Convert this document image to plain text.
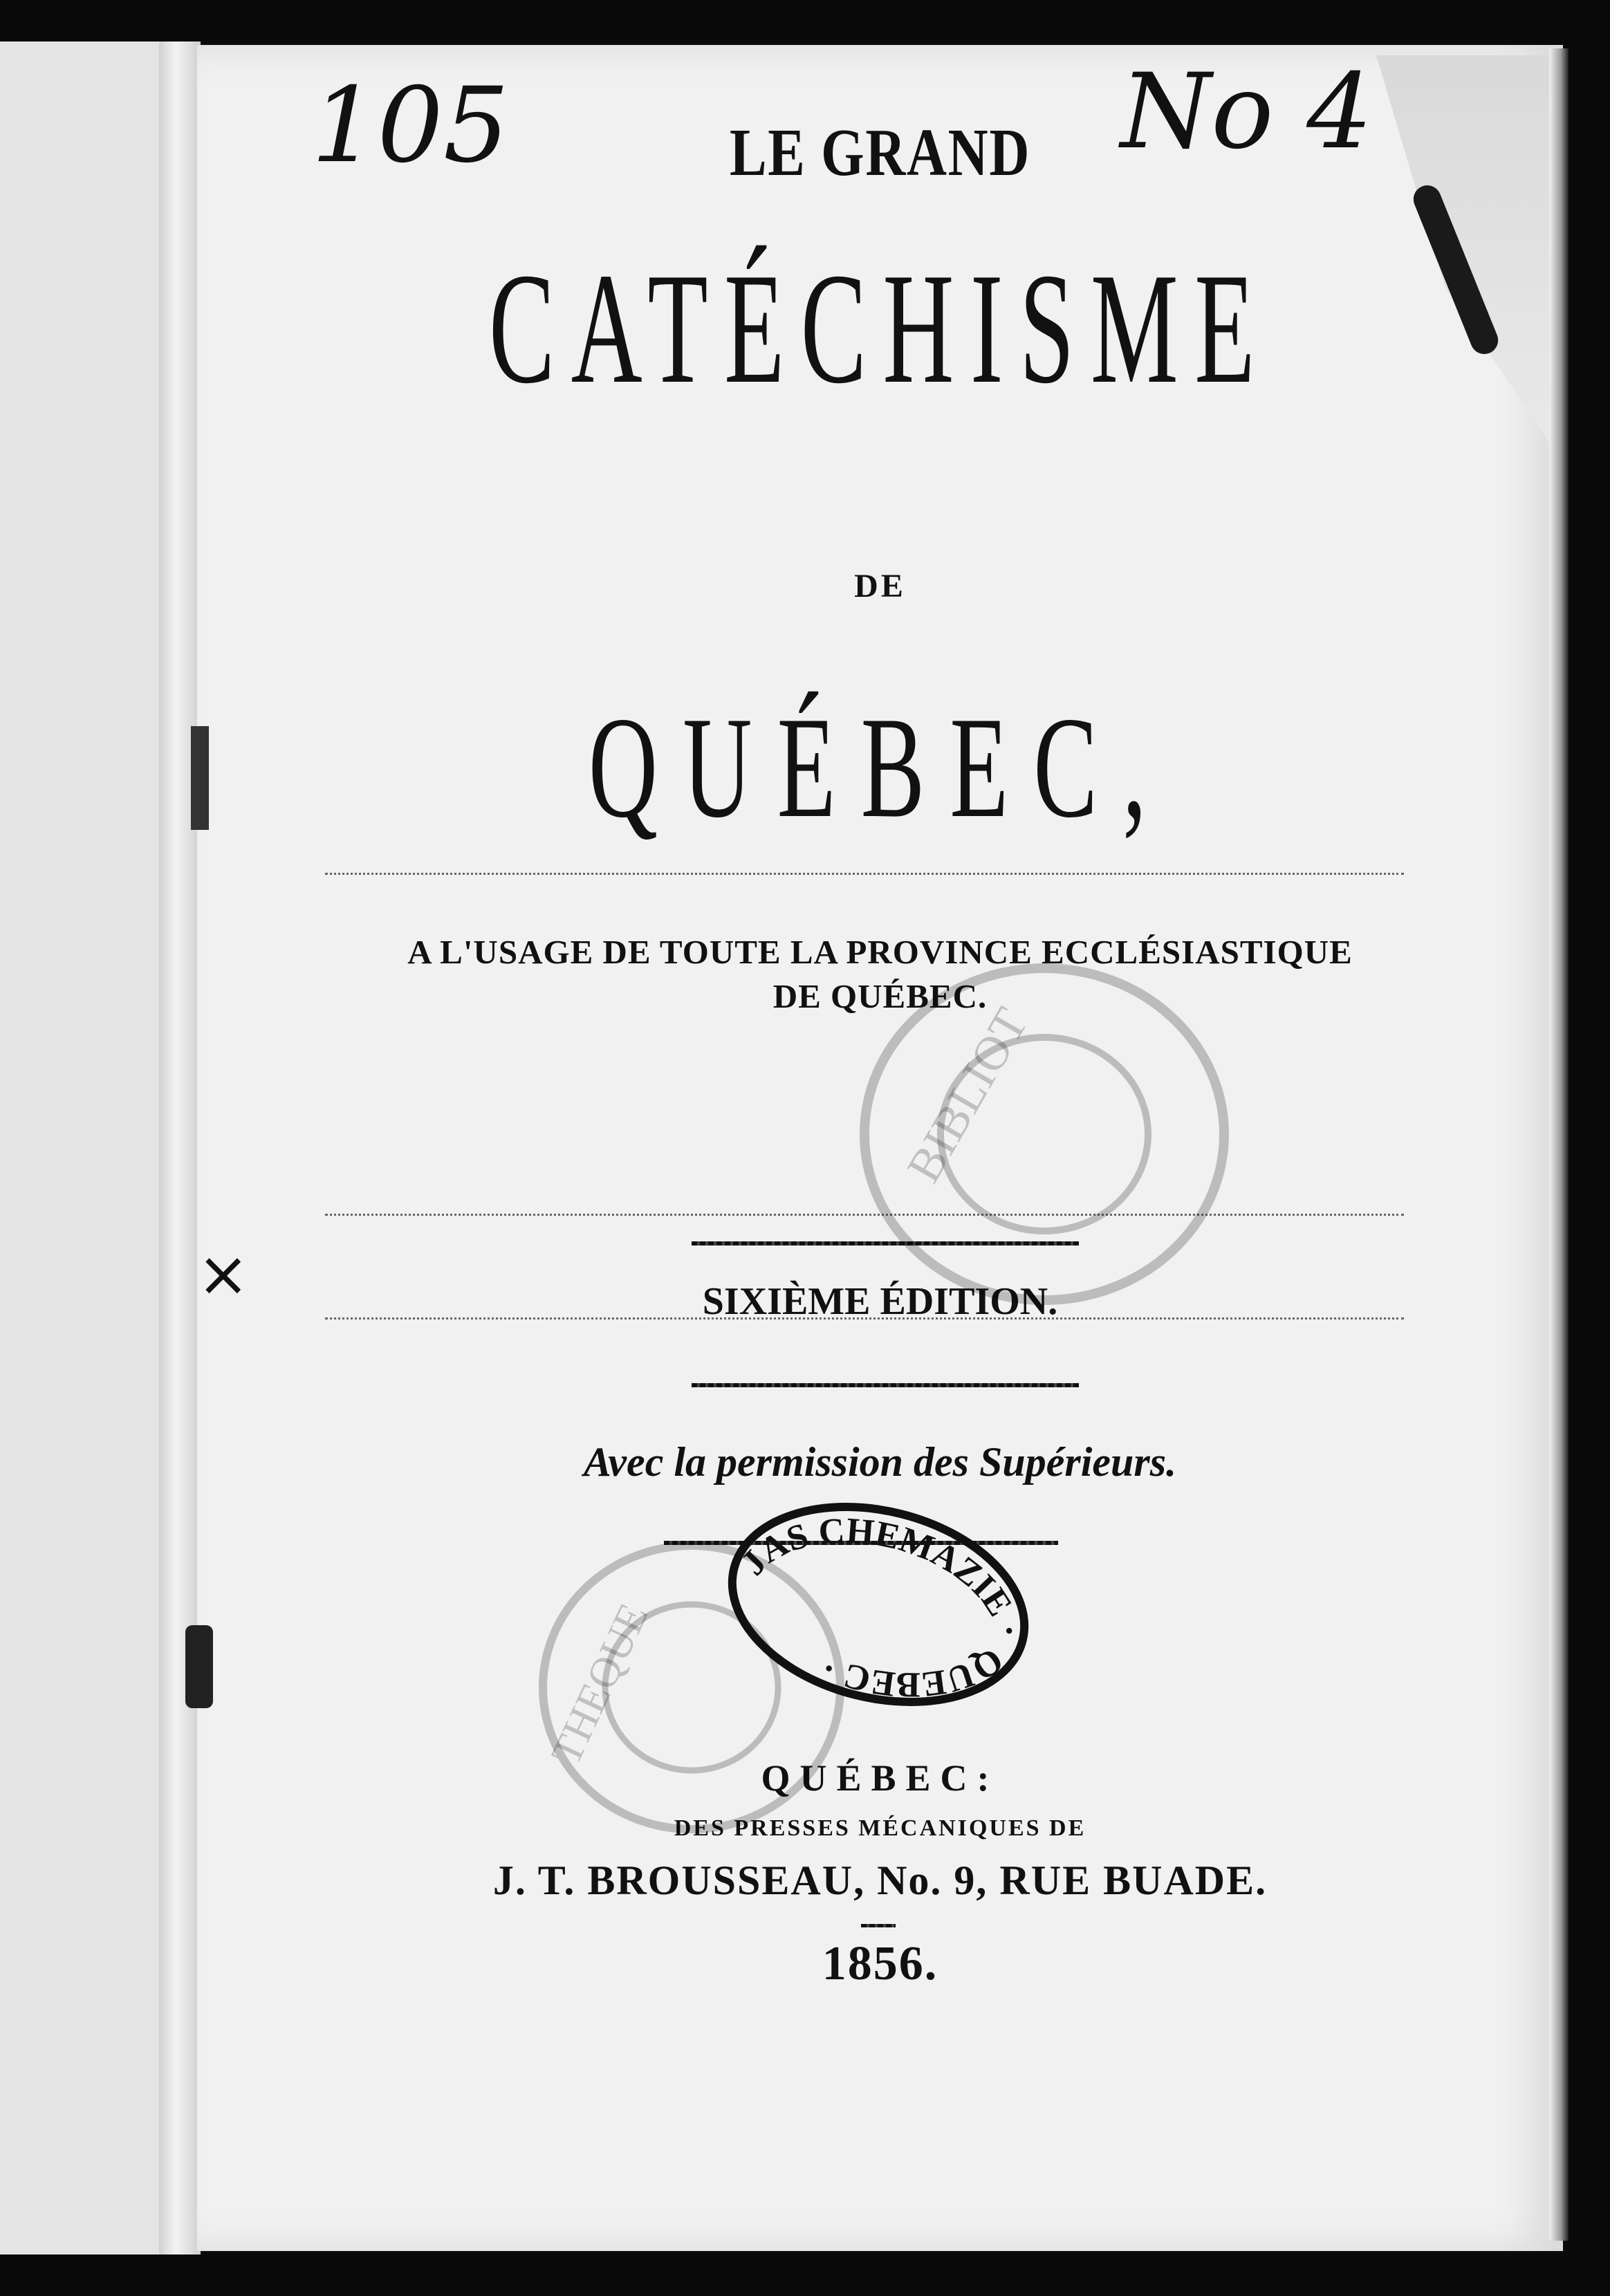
105	No 4
LE GRAND
CATÉCHISME
DE
QUÉBEC,
A L'USAGE DE TOUTE LA PROVINCE ECCLÉSIASTIQUE
DE QUÉBEC.
SIXIÈME ÉDITION.
Avec la permission des Supérieurs.
QUÉBEC:
DES PRESSES MÉCANIQUES DE
J. T. BROUSSEAU, No. 9, RUE BUADE.
1856.
BIBLIOT
THEQUE
JAS CHEMAZIE · QUEBEC ·
×
